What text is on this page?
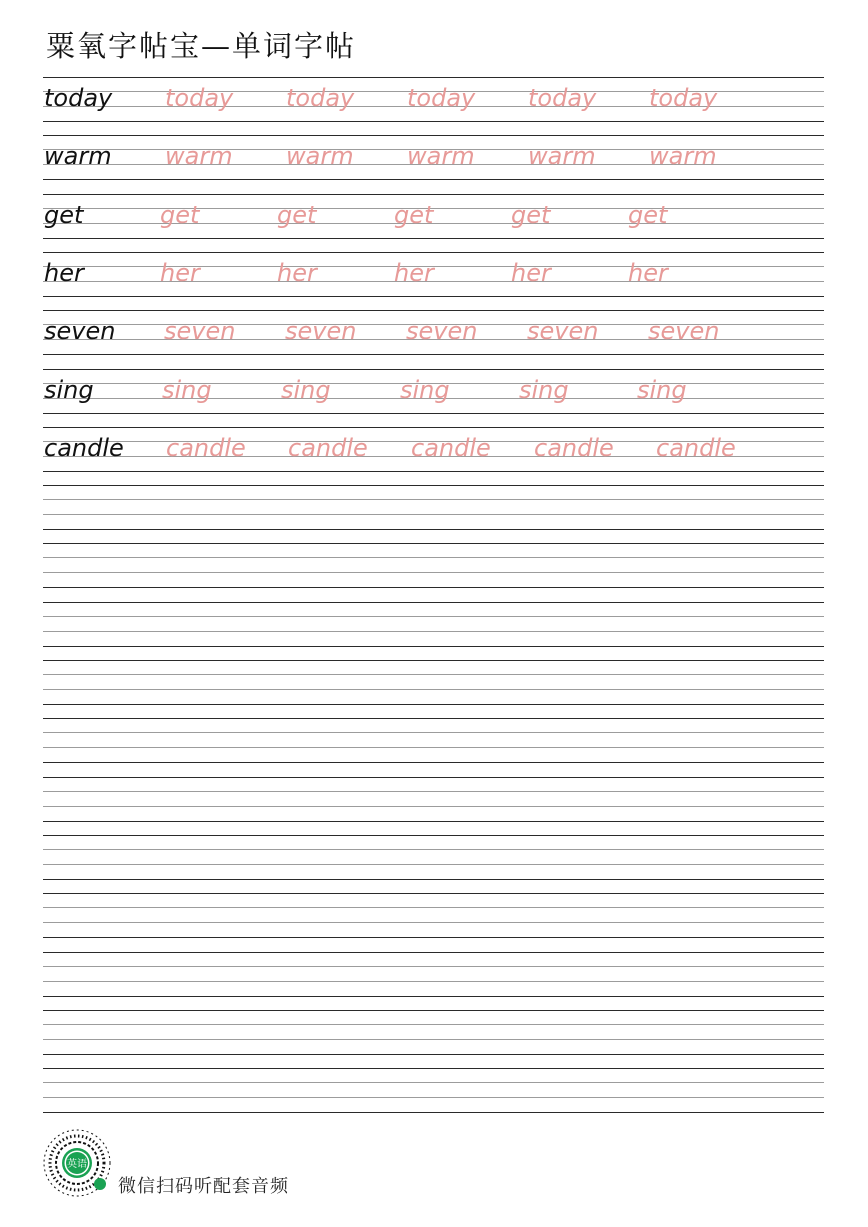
粟氧字帖宝—单词字帖
today today today today today today
warm warm warm warm warm warm
get	get	get	get	get	get
her	her	her	her	her	her
seven seven seven seven seven seven
sing	sing	sing	sing	sing	sing
candle candle candle candle candle candle
英语
微信扫码听配套音频
